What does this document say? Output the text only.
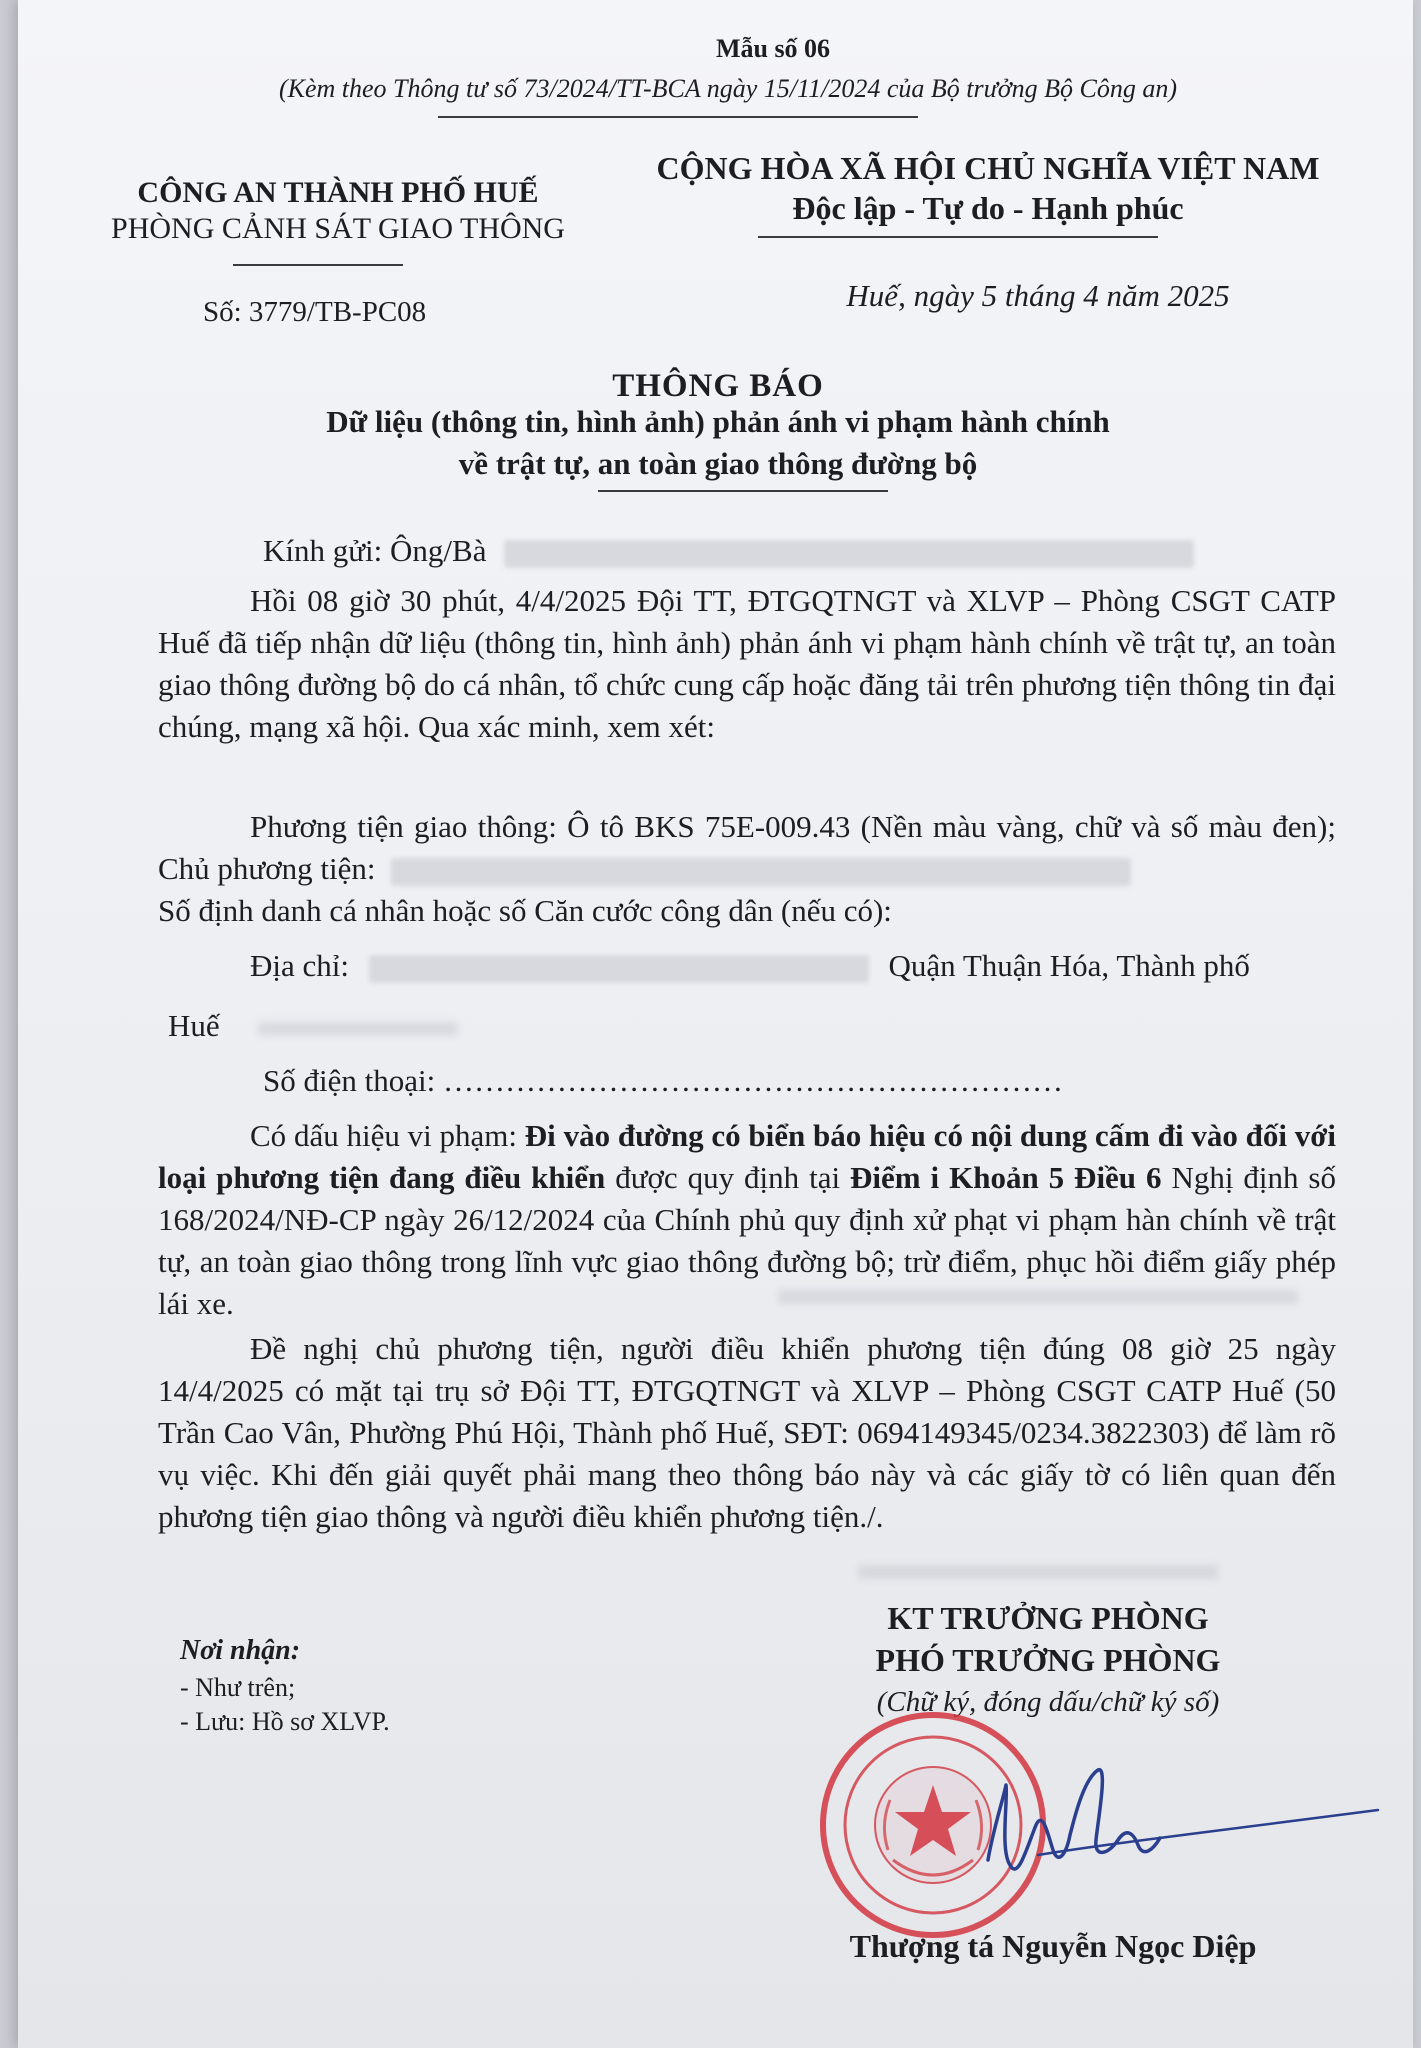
Mẫu số 06
(Kèm theo Thông tư số 73/2024/TT-BCA ngày 15/11/2024 của Bộ trưởng Bộ Công an)
CÔNG AN THÀNH PHỐ HUẾ
PHÒNG CẢNH SÁT GIAO THÔNG
CỘNG HÒA XÃ HỘI CHỦ NGHĨA VIỆT NAM
Độc lập - Tự do - Hạnh phúc
Số: 3779/TB-PC08	Huế, ngày 5 tháng 4 năm 2025
THÔNG BÁO
Dữ liệu (thông tin, hình ảnh) phản ánh vi phạm hành chính
về trật tự, an toàn giao thông đường bộ
Kính gửi: Ông/Bà
Hồi 08 giờ 30 phút, 4/4/2025 Đội TT, ĐTGQTNGT và XLVP – Phòng CSGT CATP Huế đã tiếp nhận dữ liệu (thông tin, hình ảnh) phản ánh vi phạm hành chính về trật tự, an toàn giao thông đường bộ do cá nhân, tổ chức cung cấp hoặc đăng tải trên phương tiện thông tin đại chúng, mạng xã hội. Qua xác minh, xem xét:
Phương tiện giao thông: Ô tô BKS 75E-009.43 (Nền màu vàng, chữ và số màu đen); Chủ phương tiện:
Số định danh cá nhân hoặc số Căn cước công dân (nếu có):
Địa chỉ:	Quận Thuận Hóa, Thành phố
Huế
Số điện thoại: ……………………………………………………
Có dấu hiệu vi phạm: Đi vào đường có biển báo hiệu có nội dung cấm đi vào đối với loại phương tiện đang điều khiển được quy định tại Điểm i Khoản 5 Điều 6 Nghị định số 168/2024/NĐ-CP ngày 26/12/2024 của Chính phủ quy định xử phạt vi phạm hàn chính về trật tự, an toàn giao thông trong lĩnh vực giao thông đường bộ; trừ điểm, phục hồi điểm giấy phép lái xe.
Đề nghị chủ phương tiện, người điều khiển phương tiện đúng 08 giờ 25 ngày 14/4/2025 có mặt tại trụ sở Đội TT, ĐTGQTNGT và XLVP – Phòng CSGT CATP Huế (50 Trần Cao Vân, Phường Phú Hội, Thành phố Huế, SĐT: 0694149345/0234.3822303) để làm rõ vụ việc. Khi đến giải quyết phải mang theo thông báo này và các giấy tờ có liên quan đến phương tiện giao thông và người điều khiển phương tiện./.
Nơi nhận:
- Như trên;
- Lưu: Hồ sơ XLVP.
KT TRƯỞNG PHÒNG
PHÓ TRƯỞNG PHÒNG
(Chữ ký, đóng dấu/chữ ký số)
Thượng tá Nguyễn Ngọc Diệp
